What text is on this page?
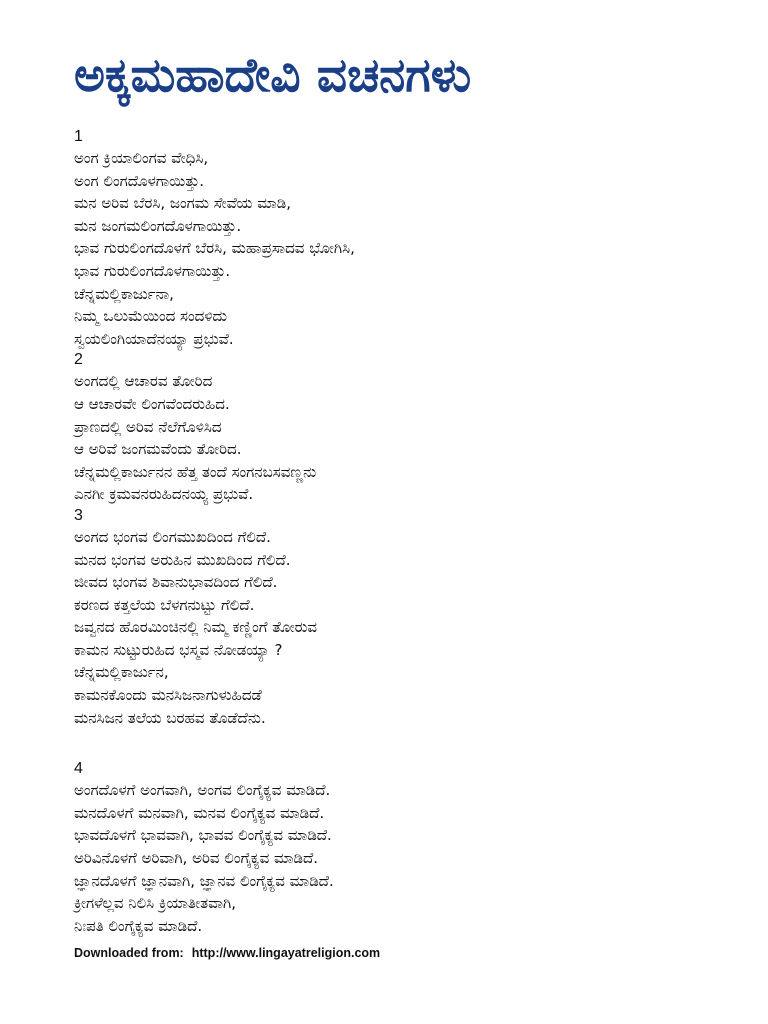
ಅಕ್ಕಮಹಾದೇವಿ ವಚನಗಳು
1
ಅಂಗ ಕ್ರಿಯಾಲಿಂಗವ ವೇಧಿಸಿ,
ಅಂಗ ಲಿಂಗದೊಳಗಾಯಿತ್ತು.
ಮನ ಅರಿವ ಬೆರಸಿ, ಜಂಗಮ ಸೇವೆಯ ಮಾಡಿ,
ಮನ ಜಂಗಮಲಿಂಗದೊಳಗಾಯಿತ್ತು.
ಭಾವ ಗುರುಲಿಂಗದೊಳಗೆ ಬೆರಸಿ, ಮಹಾಪ್ರಸಾದವ ಭೋಗಿಸಿ,
ಭಾವ ಗುರುಲಿಂಗದೊಳಗಾಯಿತ್ತು.
ಚೆನ್ನಮಲ್ಲಿಕಾರ್ಜುನಾ,
ನಿಮ್ಮ ಒಲುಮೆಯಿಂದ ಸಂದಳಿದು
ಸ್ವಯಲಿಂಗಿಯಾದೆನಯ್ಯಾ ಪ್ರಭುವೆ.
2
ಅಂಗದಲ್ಲಿ ಆಚಾರವ ತೋರಿದ
ಆ ಆಚಾರವೇ ಲಿಂಗವೆಂದರುಹಿದ.
ಪ್ರಾಣದಲ್ಲಿ ಅರಿವ ನೆಲೆಗೊಳಿಸಿದ
ಆ ಅರಿವೆ ಜಂಗಮವೆಂದು ತೋರಿದ.
ಚೆನ್ನಮಲ್ಲಿಕಾರ್ಜುನನ ಹೆತ್ತ ತಂದೆ ಸಂಗನಬಸವಣ್ಣನು
ಎನಗೀ ಕ್ರಮವನರುಹಿದನಯ್ಯ ಪ್ರಭುವೆ.
3
ಅಂಗದ ಭಂಗವ ಲಿಂಗಮುಖದಿಂದ ಗೆಲಿದೆ.
ಮನದ ಭಂಗವ ಅರುಹಿನ ಮುಖದಿಂದ ಗೆಲಿದೆ.
ಜೀವದ ಭಂಗವ ಶಿವಾನುಭಾವದಿಂದ ಗೆಲಿದೆ.
ಕರಣದ ಕತ್ತಲೆಯ ಬೆಳಗನುಟ್ಟು ಗೆಲಿದೆ.
ಜವ್ವನದ ಹೊರಮಿಂಚಿನಲ್ಲಿ ನಿಮ್ಮ ಕಣ್ಣಿಂಗೆ ತೋರುವ
ಕಾಮನ ಸುಟ್ಟುರುಹಿದ ಭಸ್ಮವ ನೋಡಯ್ಯಾ ?
ಚೆನ್ನಮಲ್ಲಿಕಾರ್ಜುನ,
ಕಾಮನಕೊಂದು ಮನಸಿಜನಾಗುಳುಹಿದಡೆ
ಮನಸಿಜನ ತಲೆಯ ಬರಹವ ತೊಡೆದೆನು.
4
ಅಂಗದೊಳಗೆ ಅಂಗವಾಗಿ, ಅಂಗವ ಲಿಂಗೈಕ್ಯವ ಮಾಡಿದೆ.
ಮನದೊಳಗೆ ಮನವಾಗಿ, ಮನವ ಲಿಂಗೈಕ್ಯವ ಮಾಡಿದೆ.
ಭಾವದೊಳಗೆ ಭಾವವಾಗಿ, ಭಾವವ ಲಿಂಗೈಕ್ಯವ ಮಾಡಿದೆ.
ಅರಿವಿನೊಳಗೆ ಅರಿವಾಗಿ, ಅರಿವ ಲಿಂಗೈಕ್ಯವ ಮಾಡಿದೆ.
ಜ್ಞಾನದೊಳಗೆ ಜ್ಞಾನವಾಗಿ, ಜ್ಞಾನವ ಲಿಂಗೈಕ್ಯವ ಮಾಡಿದೆ.
ಕ್ರೀಗಳೆಲ್ಲವ ನಿಲಿಸಿ ಕ್ರಿಯಾತೀತವಾಗಿ,
ನಿಃಪತಿ ಲಿಂಗೈಕ್ಯವ ಮಾಡಿದೆ.
Downloaded from: http://www.lingayatreligion.com
